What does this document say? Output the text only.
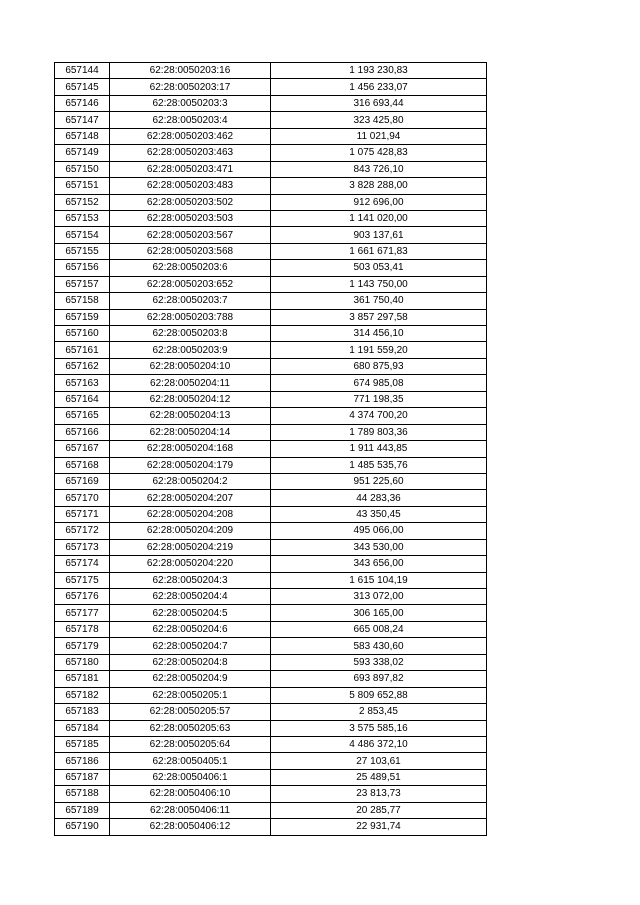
657144	62:28:0050203:16	1 193 230,83
657145	62:28:0050203:17	1 456 233,07
657146	62:28:0050203:3	316 693,44
657147	62:28:0050203:4	323 425,80
657148	62:28:0050203:462	11 021,94
657149	62:28:0050203:463	1 075 428,83
657150	62:28:0050203:471	843 726,10
657151	62:28:0050203:483	3 828 288,00
657152	62:28:0050203:502	912 696,00
657153	62:28:0050203:503	1 141 020,00
657154	62:28:0050203:567	903 137,61
657155	62:28:0050203:568	1 661 671,83
657156	62:28:0050203:6	503 053,41
657157	62:28:0050203:652	1 143 750,00
657158	62:28:0050203:7	361 750,40
657159	62:28:0050203:788	3 857 297,58
657160	62:28:0050203:8	314 456,10
657161	62:28:0050203:9	1 191 559,20
657162	62:28:0050204:10	680 875,93
657163	62:28:0050204:11	674 985,08
657164	62:28:0050204:12	771 198,35
657165	62:28:0050204:13	4 374 700,20
657166	62:28:0050204:14	1 789 803,36
657167	62:28:0050204:168	1 911 443,85
657168	62:28:0050204:179	1 485 535,76
657169	62:28:0050204:2	951 225,60
657170	62:28:0050204:207	44 283,36
657171	62:28:0050204:208	43 350,45
657172	62:28:0050204:209	495 066,00
657173	62:28:0050204:219	343 530,00
657174	62:28:0050204:220	343 656,00
657175	62:28:0050204:3	1 615 104,19
657176	62:28:0050204:4	313 072,00
657177	62:28:0050204:5	306 165,00
657178	62:28:0050204:6	665 008,24
657179	62:28:0050204:7	583 430,60
657180	62:28:0050204:8	593 338,02
657181	62:28:0050204:9	693 897,82
657182	62:28:0050205:1	5 809 652,88
657183	62:28:0050205:57	2 853,45
657184	62:28:0050205:63	3 575 585,16
657185	62:28:0050205:64	4 486 372,10
657186	62:28:0050405:1	27 103,61
657187	62:28:0050406:1	25 489,51
657188	62:28:0050406:10	23 813,73
657189	62:28:0050406:11	20 285,77
657190	62:28:0050406:12	22 931,74
